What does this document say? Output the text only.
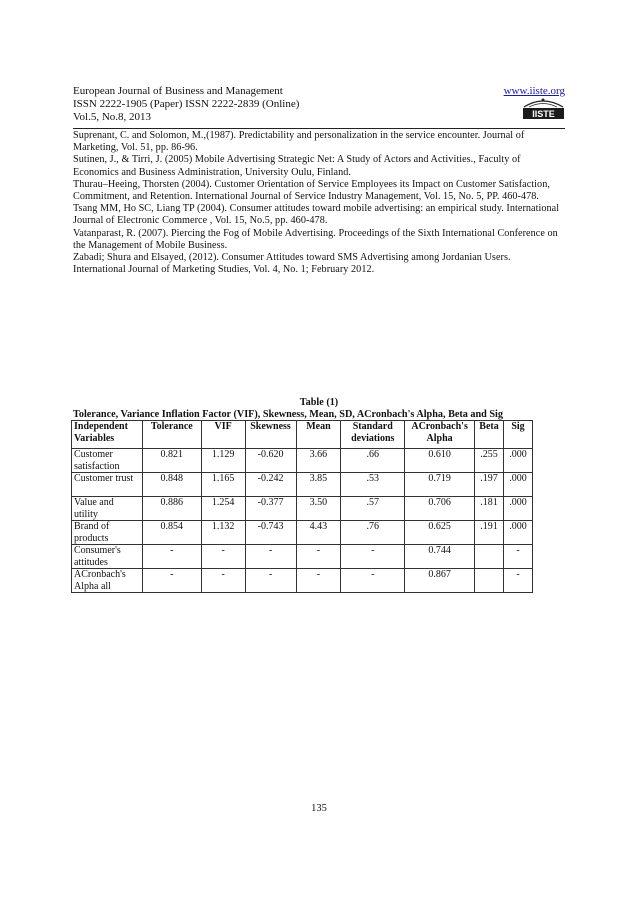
European Journal of Business and Management	www.iiste.org
ISSN 2222-1905 (Paper) ISSN 2222-2839 (Online)
Vol.5, No.8, 2013	IISTE

Suprenant, C. and Solomon, M.,(1987). Predictability and personalization in the service encounter. Journal of Marketing, Vol. 51, pp. 86-96.

Sutinen, J., & Tirri, J. (2005) Mobile Advertising Strategic Net: A Study of Actors and Activities., Faculty of Economics and Business Administration, University Oulu, Finland.

Thurau–Heeing, Thorsten (2004). Customer Orientation of Service Employees its Impact on Customer Satisfaction, Commitment, and Retention. International Journal of Service Industry Management, Vol. 15, No. 5, PP. 460-478.

Tsang MM, Ho SC, Liang TP (2004). Consumer attitudes toward mobile advertising: an empirical study. International Journal of Electronic Commerce , Vol. 15, No.5, pp. 460-478.

Vatanparast, R. (2007). Piercing the Fog of Mobile Advertising. Proceedings of the Sixth International Conference on the Management of Mobile Business.

Zabadi; Shura and Elsayed, (2012). Consumer Attitudes toward SMS Advertising among Jordanian Users. International Journal of Marketing Studies, Vol. 4, No. 1; February 2012.

Table (1)
Tolerance, Variance Inflation Factor (VIF), Skewness, Mean, SD, ACronbach's Alpha, Beta and Sig
Independent Variables	Tolerance	VIF	Skewness	Mean	Standard deviations	ACronbach's Alpha	Beta	Sig
Customer satisfaction	0.821	1.129	-0.620	3.66	.66	0.610	.255	.000
Customer trust	0.848	1.165	-0.242	3.85	.53	0.719	.197	.000
Value and utility	0.886	1.254	-0.377	3.50	.57	0.706	.181	.000
Brand of products	0.854	1.132	-0.743	4.43	.76	0.625	.191	.000
Consumer's attitudes	-	-	-	-	-	0.744		-
ACronbach's Alpha all	-	-	-	-	-	0.867		-
135
